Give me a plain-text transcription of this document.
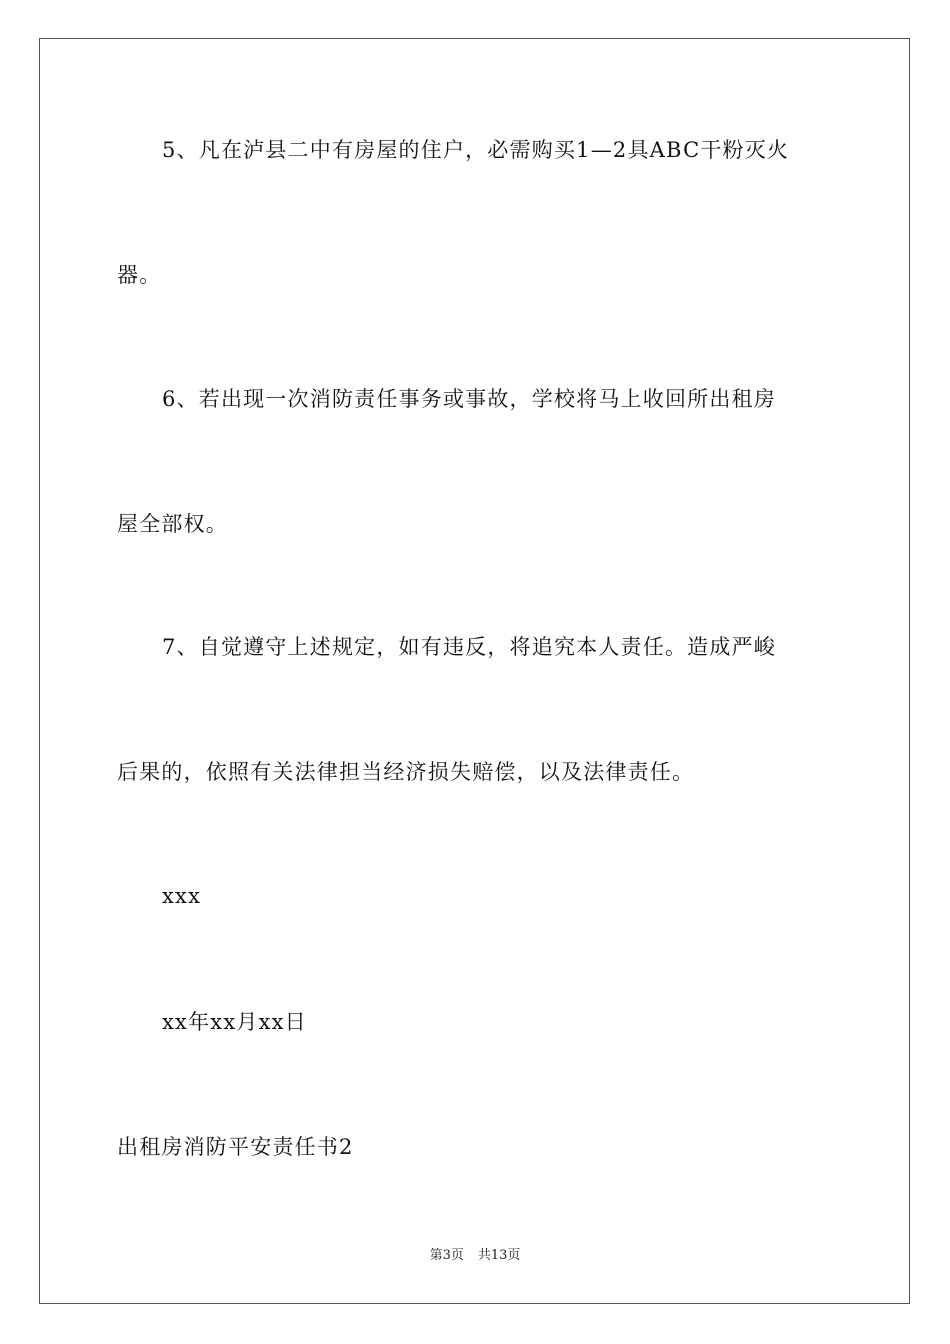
5、凡在泸县二中有房屋的住户，必需购买1—2具ABC干粉灭火
器。
6、若出现一次消防责任事务或事故，学校将马上收回所出租房
屋全部权。
7、自觉遵守上述规定，如有违反，将追究本人责任。造成严峻
后果的，依照有关法律担当经济损失赔偿，以及法律责任。
xxx
xx年xx月xx日
出租房消防平安责任书2
第3页 共13页
